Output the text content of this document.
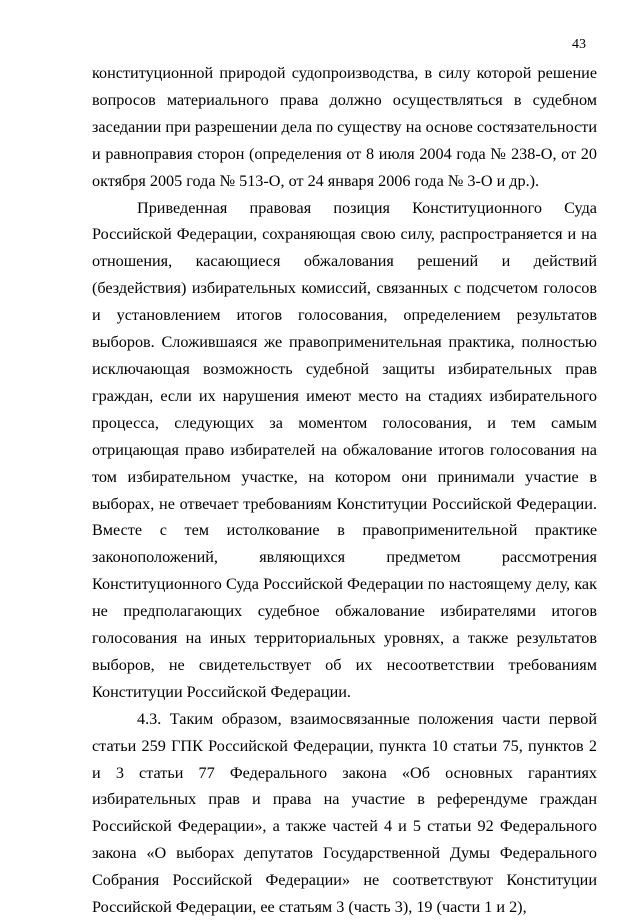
43

конституционной природой судопроизводства, в силу которой решение вопросов материального права должно осуществляться в судебном заседании при разрешении дела по существу на основе состязательности и равноправия сторон (определения от 8 июля 2004 года № 238-О, от 20 октября 2005 года № 513-О, от 24 января 2006 года № 3-О и др.).

Приведенная правовая позиция Конституционного Суда Российской Федерации, сохраняющая свою силу, распространяется и на отношения, касающиеся обжалования решений и действий (бездействия) избирательных комиссий, связанных с подсчетом голосов и установлением итогов голосования, определением результатов выборов. Сложившаяся же правоприменительная практика, полностью исключающая возможность судебной защиты избирательных прав граждан, если их нарушения имеют место на стадиях избирательного процесса, следующих за моментом голосования, и тем самым отрицающая право избирателей на обжалование итогов голосования на том избирательном участке, на котором они принимали участие в выборах, не отвечает требованиям Конституции Российской Федерации. Вместе с тем истолкование в правоприменительной практике законоположений, являющихся предметом рассмотрения Конституционного Суда Российской Федерации по настоящему делу, как не предполагающих судебное обжалование избирателями итогов голосования на иных территориальных уровнях, а также результатов выборов, не свидетельствует об их несоответствии требованиям Конституции Российской Федерации.

4.3. Таким образом, взаимосвязанные положения части первой статьи 259 ГПК Российской Федерации, пункта 10 статьи 75, пунктов 2 и 3 статьи 77 Федерального закона «Об основных гарантиях избирательных прав и права на участие в референдуме граждан Российской Федерации», а также частей 4 и 5 статьи 92 Федерального закона «О выборах депутатов Государственной Думы Федерального Собрания Российской Федерации» не соответствуют Конституции Российской Федерации, ее статьям 3 (часть 3), 19 (части 1 и 2),
